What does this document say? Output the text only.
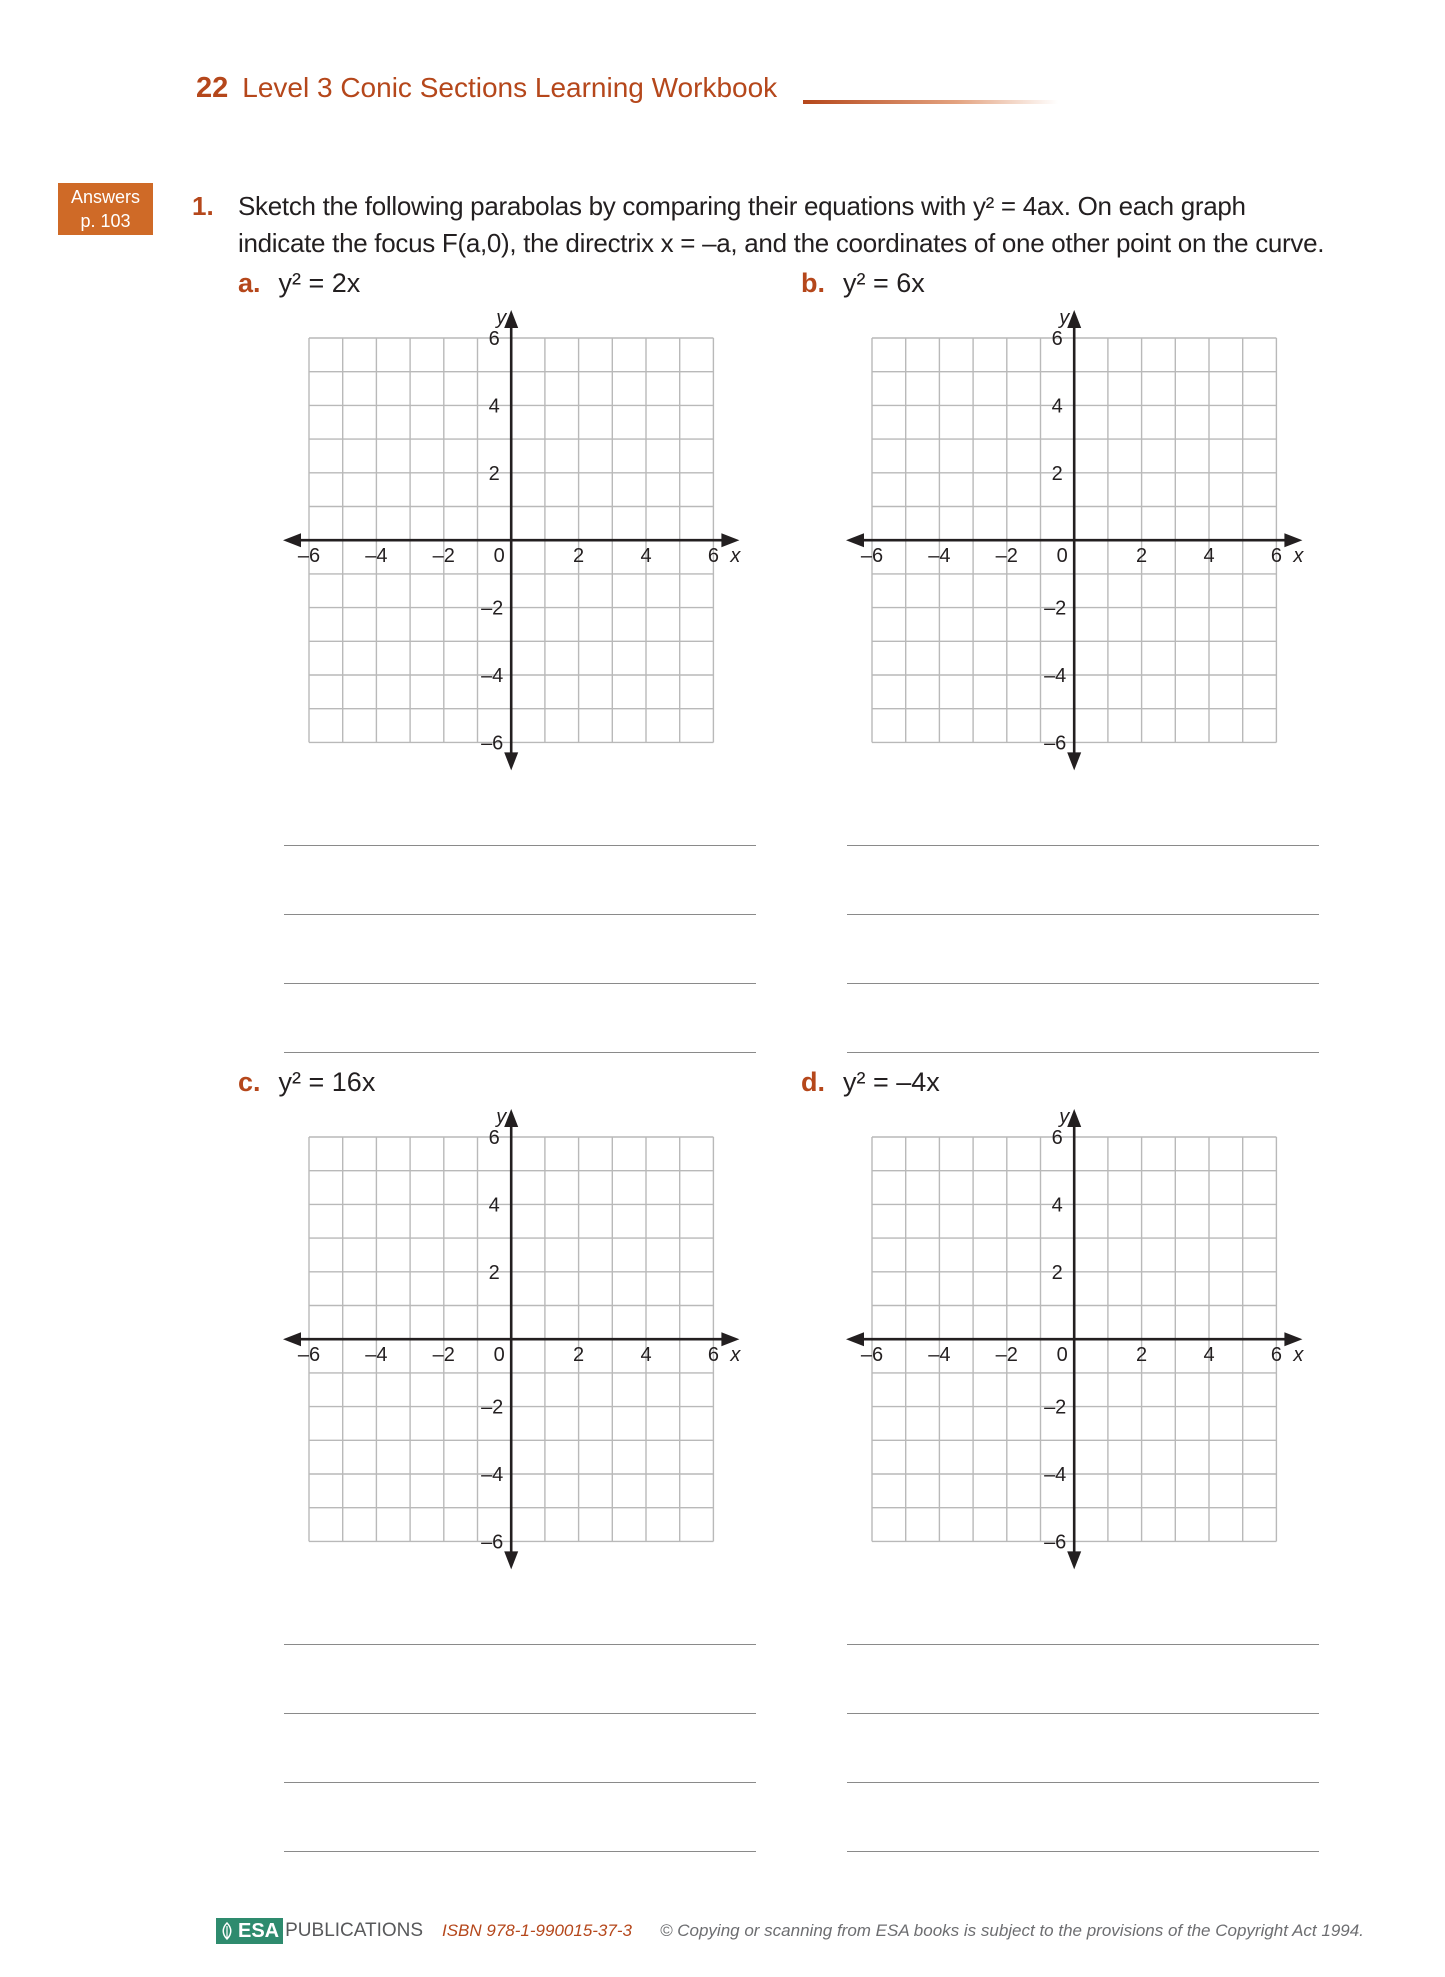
22 Level 3 Conic Sections Learning Workbook
Answers
p. 103	1. Sketch the following parabolas by comparing their equations with y² = 4ax. On each graph indicate the focus F(a,0), the directrix x = –a, and the coordinates of one other point on the curve.
a. y² = 2x	b. y² = 6x
c. y² = 16x	d. y² = –4x
–6 –4 –2 0	2	4	6
6
4
2
–2
–4
–6
x
y
–6 –4 –2 0	2	4	6
6
4
2
–2
–4
–6
x
y
–6 –4 –2 0	2	4	6
6
4
2
–2
–4
–6
x
y
–6 –4 –2 0	2	4	6
6
4
2
–2
–4
–6
x
y
ESA PUBLICATIONS ISBN 978-1-990015-37-3 © Copying or scanning from ESA books is subject to the provisions of the Copyright Act 1994.
